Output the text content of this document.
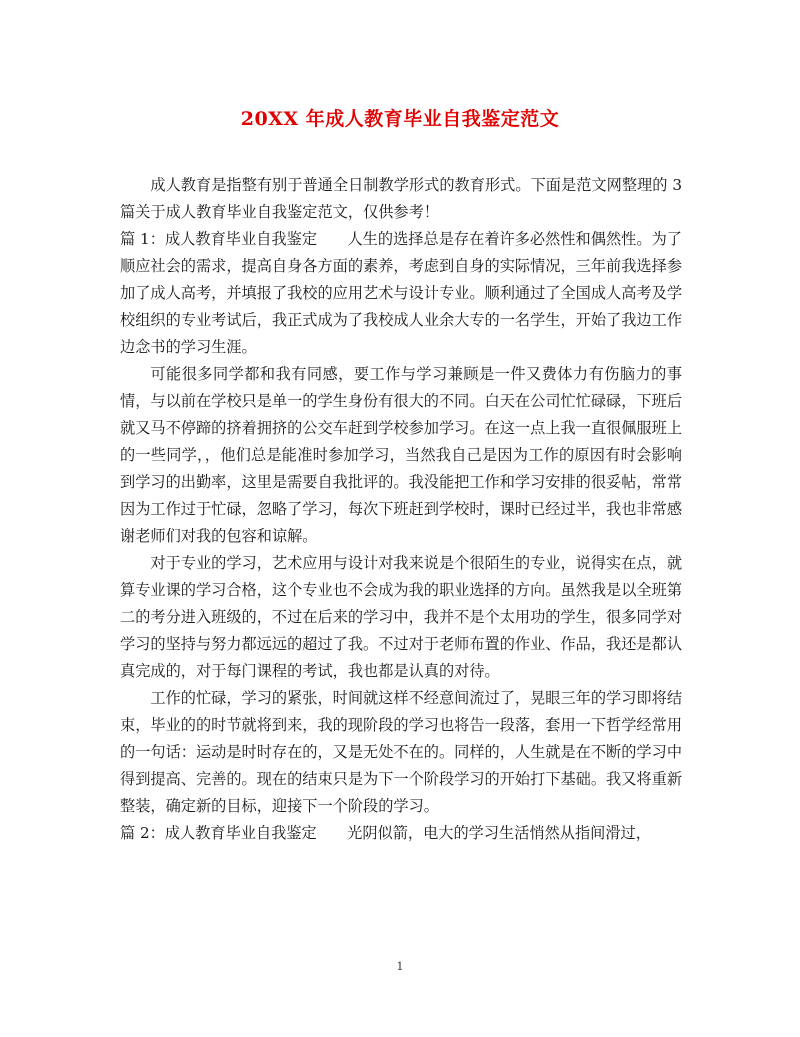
20XX 年成人教育毕业自我鉴定范文

成人教育是指整有别于普通全日制教学形式的教育形式。下面是范文网整理的 3 篇关于成人教育毕业自我鉴定范文，仅供参考！

篇 1：成人教育毕业自我鉴定 人生的选择总是存在着许多必然性和偶然性。为了顺应社会的需求，提高自身各方面的素养，考虑到自身的实际情况，三年前我选择参加了成人高考，并填报了我校的应用艺术与设计专业。顺利通过了全国成人高考及学校组织的专业考试后，我正式成为了我校成人业余大专的一名学生，开始了我边工作边念书的学习生涯。

可能很多同学都和我有同感，要工作与学习兼顾是一件又费体力有伤脑力的事情，与以前在学校只是单一的学生身份有很大的不同。白天在公司忙忙碌碌，下班后就又马不停蹄的挤着拥挤的公交车赶到学校参加学习。在这一点上我一直很佩服班上的一些同学，，他们总是能准时参加学习，当然我自己是因为工作的原因有时会影响到学习的出勤率，这里是需要自我批评的。我没能把工作和学习安排的很妥帖，常常因为工作过于忙碌，忽略了学习，每次下班赶到学校时，课时已经过半，我也非常感谢老师们对我的包容和谅解。

对于专业的学习，艺术应用与设计对我来说是个很陌生的专业，说得实在点，就算专业课的学习合格，这个专业也不会成为我的职业选择的方向。虽然我是以全班第二的考分进入班级的，不过在后来的学习中，我并不是个太用功的学生，很多同学对学习的坚持与努力都远远的超过了我。不过对于老师布置的作业、作品，我还是都认真完成的，对于每门课程的考试，我也都是认真的对待。

工作的忙碌，学习的紧张，时间就这样不经意间流过了，晃眼三年的学习即将结束，毕业的的时节就将到来，我的现阶段的学习也将告一段落，套用一下哲学经常用的一句话：运动是时时存在的，又是无处不在的。同样的，人生就是在不断的学习中得到提高、完善的。现在的结束只是为下一个阶段学习的开始打下基础。我又将重新整装，确定新的目标，迎接下一个阶段的学习。

篇 2：成人教育毕业自我鉴定 光阴似箭，电大的学习生活悄然从指间滑过，

1
